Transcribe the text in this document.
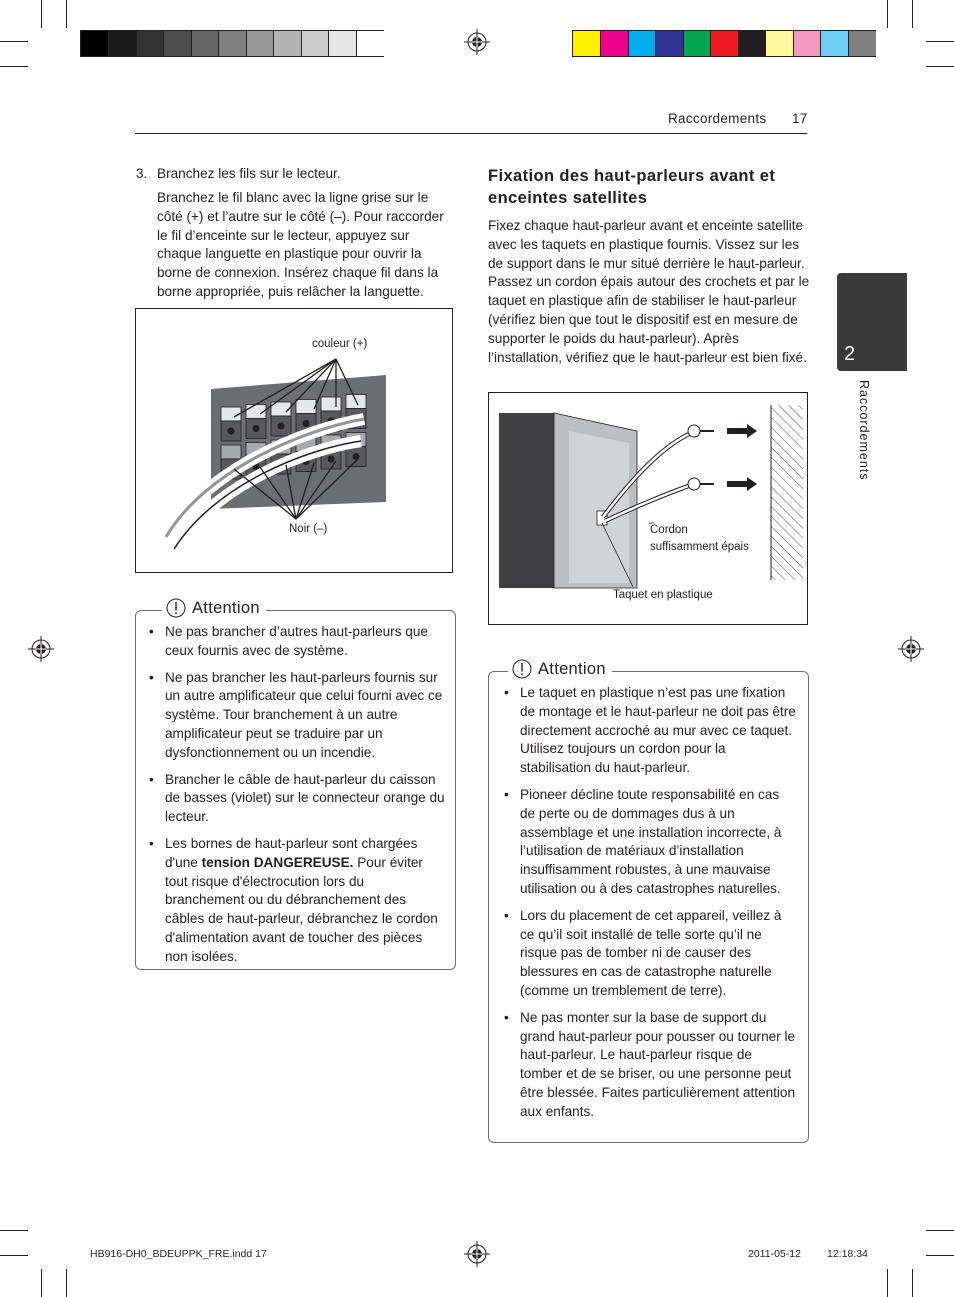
Raccordements 17
2
Raccordements
3. Branchez les fils sur le lecteur.
Branchez le fil blanc avec la ligne grise sur le côté (+) et l’autre sur le côté (–). Pour raccorder le fil d’enceinte sur le lecteur, appuyez sur chaque languette en plastique pour ouvrir la borne de connexion. Insérez chaque fil dans la borne appropriée, puis relâcher la languette.
couleur (+)
Noir (–)
Attention
• Ne pas brancher d’autres haut-parleurs que ceux fournis avec de système.
• Ne pas brancher les haut-parleurs fournis sur un autre amplificateur que celui fourni avec ce système. Tour branchement à un autre amplificateur peut se traduire par un dysfonctionnement ou un incendie.
• Brancher le câble de haut-parleur du caisson de basses (violet) sur le connecteur orange du lecteur.
• Les bornes de haut-parleur sont chargées d'une tension DANGEREUSE. Pour éviter tout risque d'électrocution lors du branchement ou du débranchement des câbles de haut-parleur, débranchez le cordon d'alimentation avant de toucher des pièces non isolées.
Fixation des haut-parleurs avant et enceintes satellites
Fixez chaque haut-parleur avant et enceinte satellite avec les taquets en plastique fournis. Vissez sur les de support dans le mur situé derrière le haut-parleur. Passez un cordon épais autour des crochets et par le taquet en plastique afin de stabiliser le haut-parleur (vérifiez bien que tout le dispositif est en mesure de supporter le poids du haut-parleur). Après l’installation, vérifiez que le haut-parleur est bien fixé.
Cordon
suffisamment épais
Taquet en plastique
Attention
• Le taquet en plastique n’est pas une fixation de montage et le haut-parleur ne doit pas être directement accroché au mur avec ce taquet. Utilisez toujours un cordon pour la stabilisation du haut-parleur.
• Pioneer décline toute responsabilité en cas de perte ou de dommages dus à un assemblage et une installation incorrecte, à l’utilisation de matériaux d’installation insuffisamment robustes, à une mauvaise utilisation ou à des catastrophes naturelles.
• Lors du placement de cet appareil, veillez à ce qu’il soit installé de telle sorte qu’il ne risque pas de tomber ni de causer des blessures en cas de catastrophe naturelle (comme un tremblement de terre).
• Ne pas monter sur la base de support du grand haut-parleur pour pousser ou tourner le haut-parleur. Le haut-parleur risque de tomber et de se briser, ou une personne peut être blessée. Faites particulièrement attention aux enfants.
HB916-DH0_BDEUPPK_FRE.indd 17	2011-05-12 12:18:34
